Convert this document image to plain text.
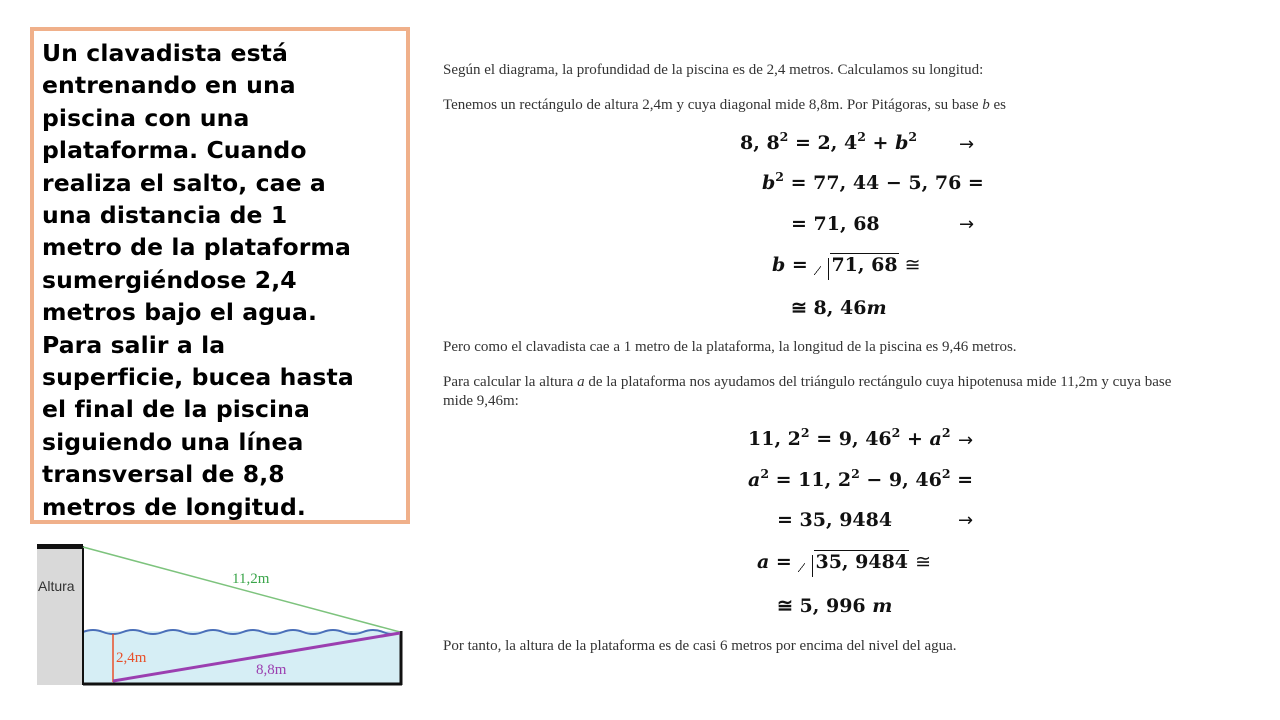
Un clavadista está
entrenando en una
piscina con una
plataforma. Cuando
realiza el salto, cae a
una distancia de 1
metro de la plataforma
sumergiéndose 2,4
metros bajo el agua.
Para salir a la
superficie, bucea hasta
el final de la piscina
siguiendo una línea
transversal de 8,8
metros de longitud.

Altura	11,2m
2,4m
8,8m
Según el diagrama, la profundidad de la piscina es de 2,4 metros. Calculamos su longitud:
Tenemos un rectángulo de altura 2,4m y cuya diagonal mide 8,8m. Por Pitágoras, su base b es
8, $8^2 = 2$, $4^2 + b^2$ →
$b^2 = 77$, 44 − 5, 76 =
= 71, 68	→
b = 71, 68 ≅
≅ 8, 46m
Pero como el clavadista cae a 1 metro de la plataforma, la longitud de la piscina es 9,46 metros.
Para calcular la altura a de la plataforma nos ayudamos del triángulo rectángulo cuya hipotenusa mide 11,2m y cuya base
mide 9,46m:
11, $2^2 = 9$, $46^2 + a^2$ →
$a^2 = 11$, $2^2 - 9$, $46^2$ =
= 35, 9484	→
a = 35, 9484 ≅
≅ 5, 996 m
Por tanto, la altura de la plataforma es de casi 6 metros por encima del nivel del agua.
